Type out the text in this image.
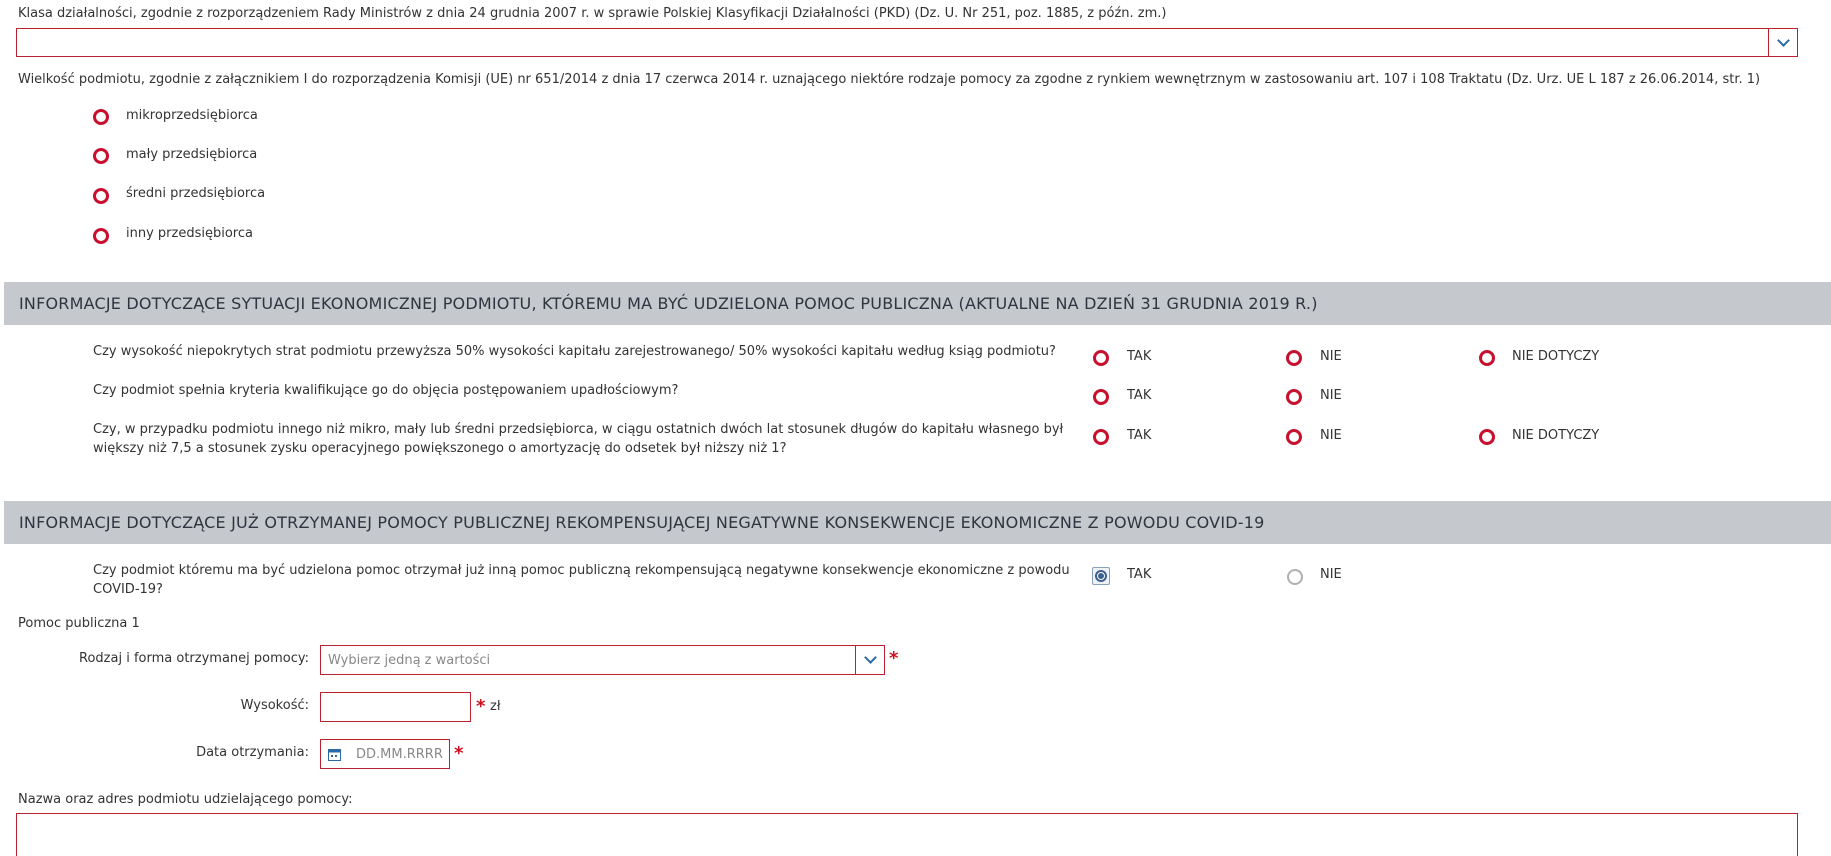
Klasa działalności, zgodnie z rozporządzeniem Rady Ministrów z dnia 24 grudnia 2007 r. w sprawie Polskiej Klasyfikacji Działalności (PKD) (Dz. U. Nr 251, poz. 1885, z późn. zm.)
Wielkość podmiotu, zgodnie z załącznikiem I do rozporządzenia Komisji (UE) nr 651/2014 z dnia 17 czerwca 2014 r. uznającego niektóre rodzaje pomocy za zgodne z rynkiem wewnętrznym w zastosowaniu art. 107 i 108 Traktatu (Dz. Urz. UE L 187 z 26.06.2014, str. 1)
mikroprzedsiębiorca
mały przedsiębiorca
średni przedsiębiorca
inny przedsiębiorca
INFORMACJE DOTYCZĄCE SYTUACJI EKONOMICZNEJ PODMIOTU, KTÓREMU MA BYĆ UDZIELONA POMOC PUBLICZNA (AKTUALNE NA DZIEŃ 31 GRUDNIA 2019 R.)
Czy wysokość niepokrytych strat podmiotu przewyższa 50% wysokości kapitału zarejestrowanego/ 50% wysokości kapitału według ksiąg podmiotu?	TAK	NIE	NIE DOTYCZY
Czy podmiot spełnia kryteria kwalifikujące go do objęcia postępowaniem upadłościowym?	TAK	NIE
Czy, w przypadku podmiotu innego niż mikro, mały lub średni przedsiębiorca, w ciągu ostatnich dwóch lat stosunek długów do kapitału własnego był
większy niż 7,5 a stosunek zysku operacyjnego powiększonego o amortyzację do odsetek był niższy niż 1?
TAK	NIE	NIE DOTYCZY
INFORMACJE DOTYCZĄCE JUŻ OTRZYMANEJ POMOCY PUBLICZNEJ REKOMPENSUJĄCEJ NEGATYWNE KONSEKWENCJE EKONOMICZNE Z POWODU COVID-19
Czy podmiot któremu ma być udzielona pomoc otrzymał już inną pomoc publiczną rekompensującą negatywne konsekwencje ekonomiczne z powodu
COVID-19?
TAK	NIE
Pomoc publiczna 1
Rodzaj i forma otrzymanej pomocy: Wybierz jedną z wartości	*
Wysokość:	* zł
Data otrzymania:	DD.MM.RRRR *
Nazwa oraz adres podmiotu udzielającego pomocy:
